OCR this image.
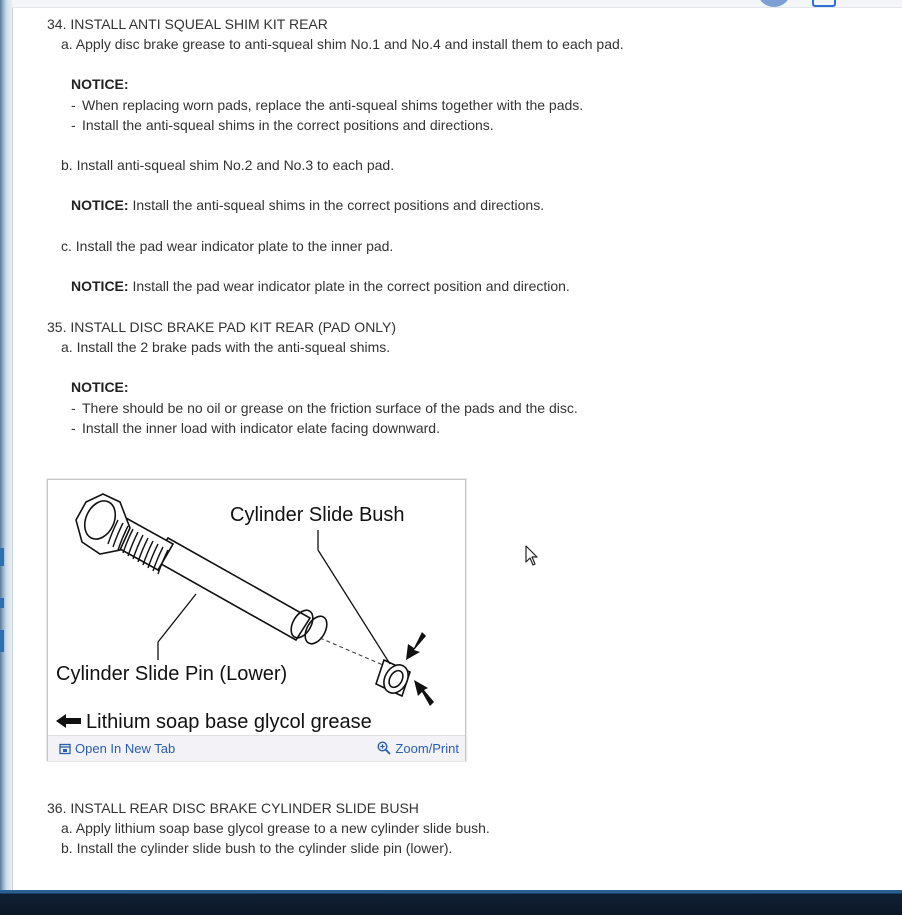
34. INSTALL ANTI SQUEAL SHIM KIT REAR
a. Apply disc brake grease to anti-squeal shim No.1 and No.4 and install them to each pad.
NOTICE:
- When replacing worn pads, replace the anti-squeal shims together with the pads.
- Install the anti-squeal shims in the correct positions and directions.
b. Install anti-squeal shim No.2 and No.3 to each pad.
NOTICE: Install the anti-squeal shims in the correct positions and directions.
c. Install the pad wear indicator plate to the inner pad.
NOTICE: Install the pad wear indicator plate in the correct position and direction.
35. INSTALL DISC BRAKE PAD KIT REAR (PAD ONLY)
a. Install the 2 brake pads with the anti-squeal shims.
NOTICE:
- There should be no oil or grease on the friction surface of the pads and the disc.
- Install the inner load with indicator elate facing downward.
36. INSTALL REAR DISC BRAKE CYLINDER SLIDE BUSH
a. Apply lithium soap base glycol grease to a new cylinder slide bush.
b. Install the cylinder slide bush to the cylinder slide pin (lower).
Cylinder Slide Bush
Cylinder Slide Pin (Lower)
Lithium soap base glycol grease
Open In New Tab	Zoom/Print
